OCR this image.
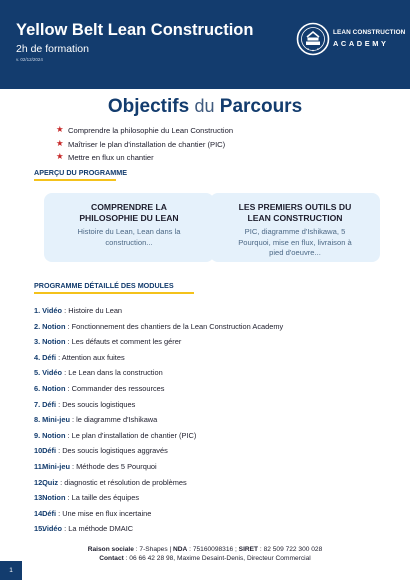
Yellow Belt Lean Construction
2h de formation
v. 02/12/2024
LEAN CONSTRUCTION
ACADEMY
Objectifs du Parcours
★ Comprendre la philosophie du Lean Construction
★ Maîtriser le plan d'installation de chantier (PIC)
★ Mettre en flux un chantier
APERÇU DU PROGRAMME
COMPRENDRE LA
PHILOSOPHIE DU LEAN
Histoire du Lean, Lean dans la
construction...
LES PREMIERS OUTILS DU
LEAN CONSTRUCTION
PIC, diagramme d'Ishikawa, 5
Pourquoi, mise en flux, livraison à
pied d'oeuvre...
PROGRAMME DÉTAILLÉ DES MODULES
1. Vidéo : Histoire du Lean
2. Notion : Fonctionnement des chantiers de la Lean Construction Academy
3. Notion : Les défauts et comment les gérer
4. Défi : Attention aux fuites
5. Vidéo : Le Lean dans la construction
6. Notion : Commander des ressources
7. Défi : Des soucis logistiques
8. Mini-jeu : le diagramme d'Ishikawa
9. Notion : Le plan d'installation de chantier (PIC)
10. Défi : Des soucis logistiques aggravés
11. Mini-jeu : Méthode des 5 Pourquoi
12. Quiz : diagnostic et résolution de problèmes
13. Notion : La taille des équipes
14. Défi : Une mise en flux incertaine
15. Vidéo : La méthode DMAIC
Raison sociale : 7-Shapes | NDA : 75160098316 ; SIRET : 82 509 722 300 028
Contact : 06 66 42 28 98, Maxime Desaint-Denis, Directeur Commercial
1
